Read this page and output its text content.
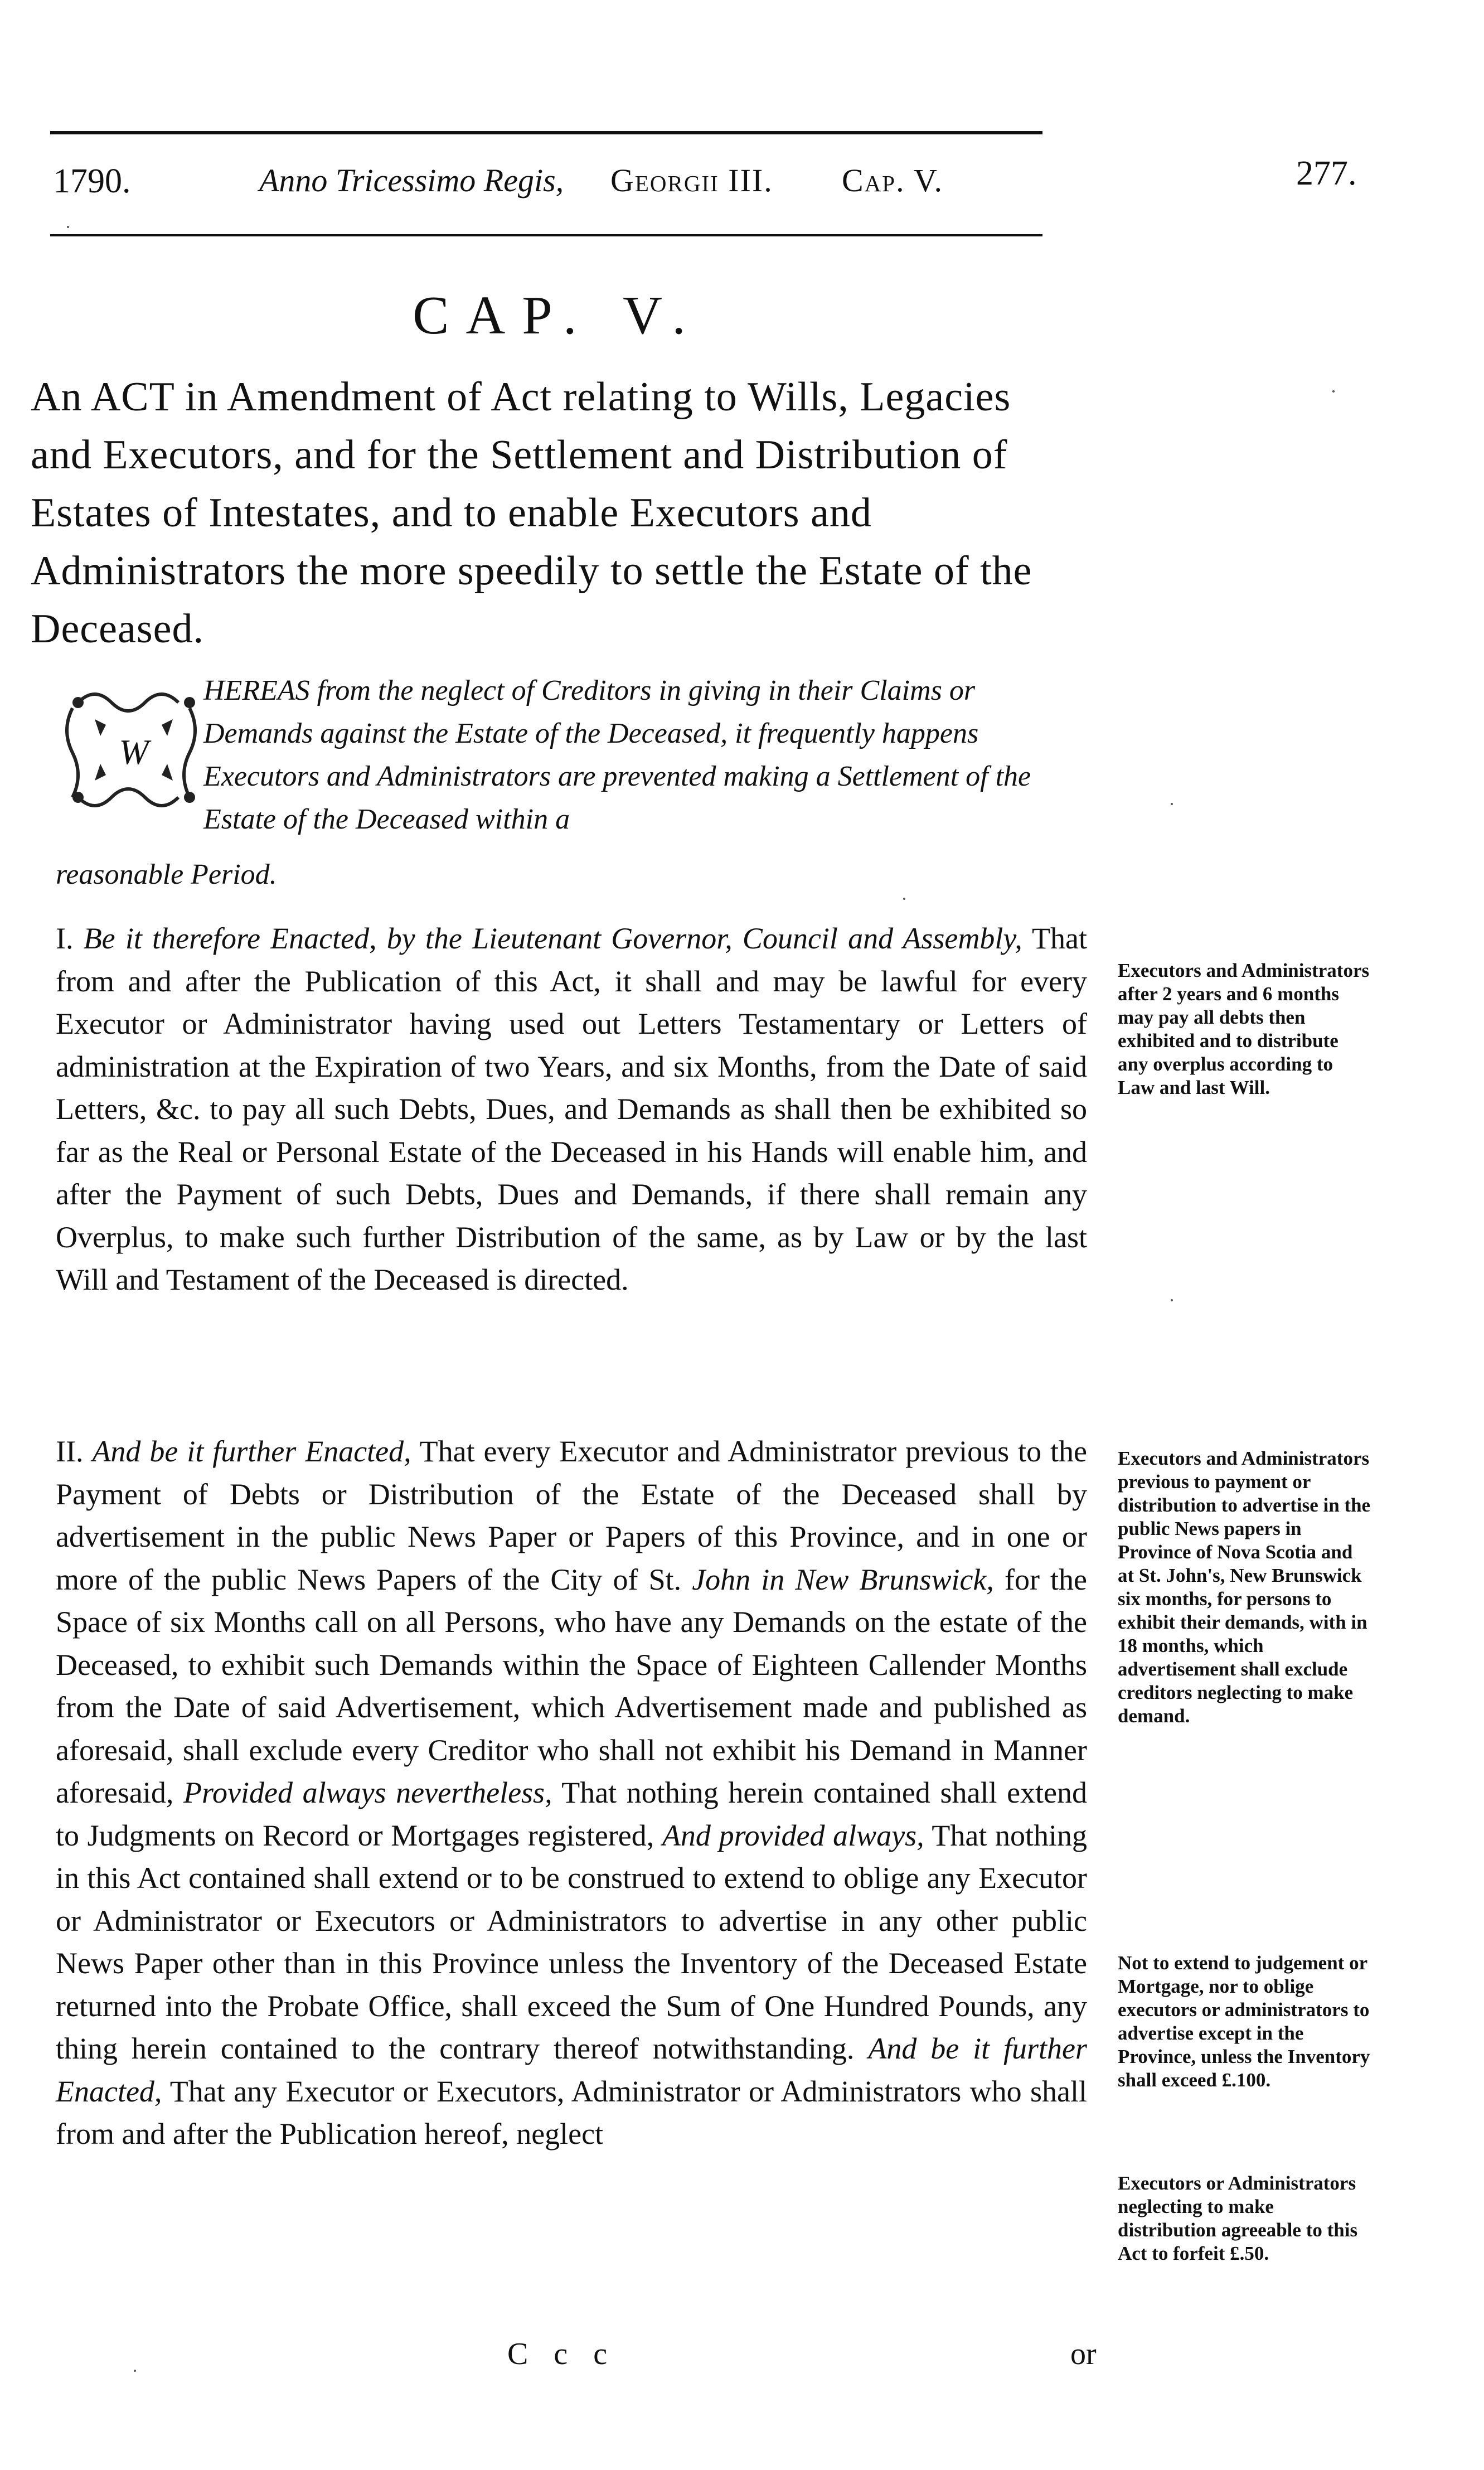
1790.	Anno Tricessimo Regis, Georgii III. Cap. V.	277.
CAP. V.
An ACT in Amendment of Act relating to Wills, Legacies and Executors, and for the Settlement and Distribution of Estates of Intestates, and to enable Executors and Administrators the more speedily to settle the Estate of the Deceased.
W
HEREAS from the neglect of Creditors in giving in their Claims or Demands against the Estate of the Deceased, it frequently happens Executors and Administrators are prevented making a Settlement of the Estate of the Deceased within a
reasonable Period.
I. Be it therefore Enacted, by the Lieutenant Governor, Council and Assembly, That from and after the Publication of this Act, it shall and may be lawful for every Executor or Administrator having used out Letters Testamentary or Letters of administration at the Expiration of two Years, and six Months, from the Date of said Letters, &c. to pay all such Debts, Dues, and Demands as shall then be exhibited so far as the Real or Personal Estate of the Deceased in his Hands will enable him, and after the Payment of such Debts, Dues and Demands, if there shall remain any Overplus, to make such further Distribution of the same, as by Law or by the last Will and Testament of the Deceased is directed.
II. And be it further Enacted, That every Executor and Administrator previous to the Payment of Debts or Distribution of the Estate of the Deceased shall by advertisement in the public News Paper or Papers of this Province, and in one or more of the public News Papers of the City of St. John in New Brunswick, for the Space of six Months call on all Persons, who have any Demands on the estate of the Deceased, to exhibit such Demands within the Space of Eighteen Callender Months from the Date of said Advertisement, which Advertisement made and published as aforesaid, shall exclude every Creditor who shall not exhibit his Demand in Manner aforesaid, Provided always nevertheless, That nothing herein contained shall extend to Judgments on Record or Mortgages registered, And provided always, That nothing in this Act contained shall extend or to be construed to extend to oblige any Executor or Administrator or Executors or Administrators to advertise in any other public News Paper other than in this Province unless the Inventory of the Deceased Estate returned into the Probate Office, shall exceed the Sum of One Hundred Pounds, any thing herein contained to the contrary thereof notwithstanding. And be it further Enacted, That any Executor or Executors, Administrator or Administrators who shall from and after the Publication hereof, neglect
Executors and Administrators after 2 years and 6 months may pay all debts then exhibited and to distribute any overplus according to Law and last Will.
Executors and Administrators previous to payment or distribution to advertise in the public News papers in Province of Nova Scotia and at St. John's, New Brunswick six months, for persons to exhibit their demands, with in 18 months, which advertisement shall exclude creditors neglecting to make demand.
Not to extend to judgement or Mortgage, nor to oblige executors or administrators to advertise except in the Province, unless the Inventory shall exceed £.100.
Executors or Administrators neglecting to make distribution agreeable to this Act to forfeit £.50.
C c c	or
